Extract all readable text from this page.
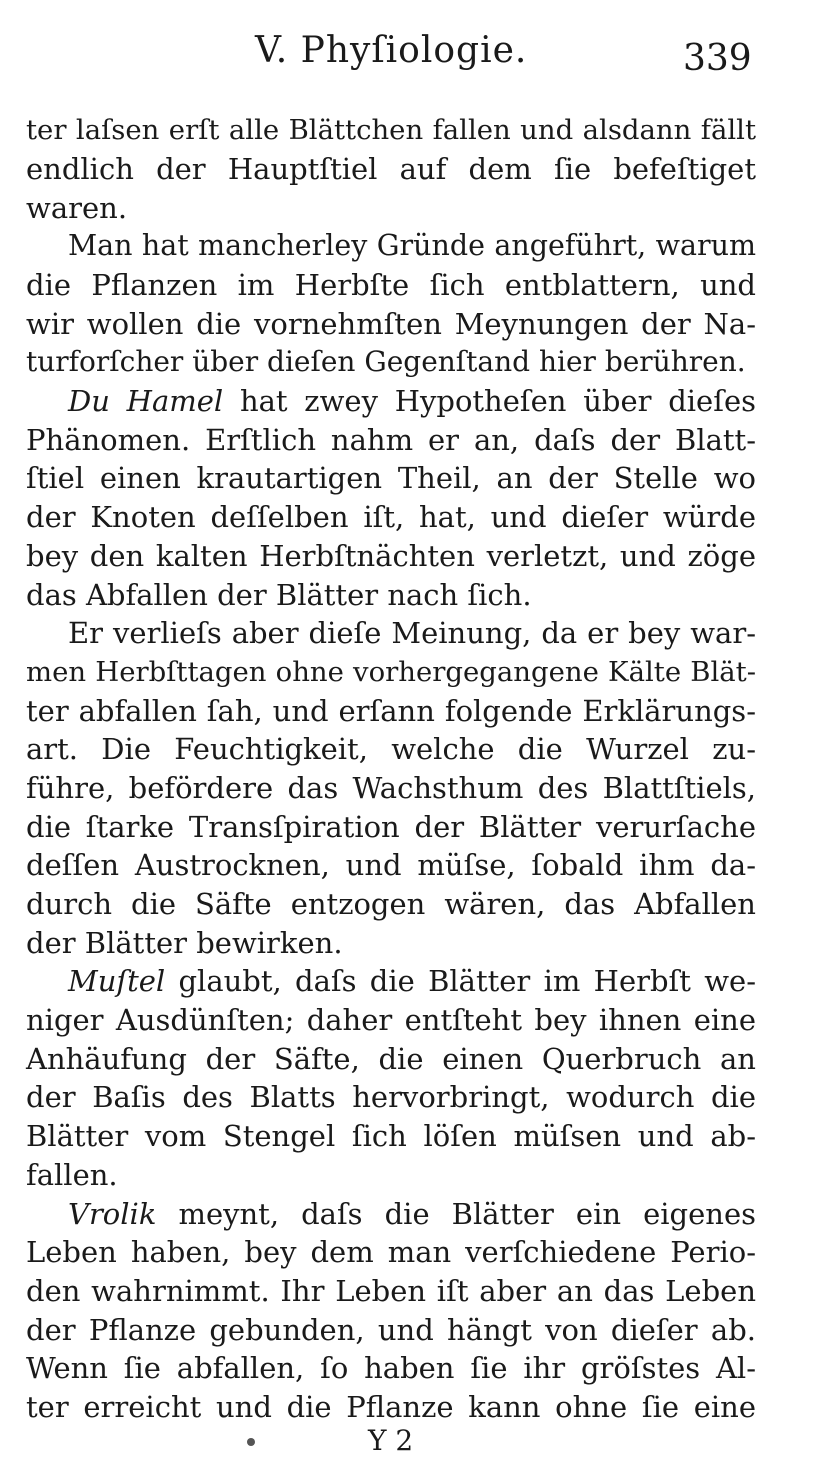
V. Phyſiologie.	339
ter laſsen erſt alle Blättchen fallen und alsdann fällt
endlich der Hauptſtiel auf dem ſie befeſtiget
waren.
Man hat mancherley Gründe angeführt, warum
die Pflanzen im Herbſte ſich entblattern, und
wir wollen die vornehmſten Meynungen der Na-
turforſcher über dieſen Gegenſtand hier berühren.
Du Hamel hat zwey Hypotheſen über dieſes
Phänomen. Erſtlich nahm er an, daſs der Blatt-
ſtiel einen krautartigen Theil, an der Stelle wo
der Knoten deſſelben iſt, hat, und dieſer würde
bey den kalten Herbſtnächten verletzt, und zöge
das Abfallen der Blätter nach ſich.
Er verlieſs aber dieſe Meinung, da er bey war-
men Herbſttagen ohne vorhergegangene Kälte Blät-
ter abfallen ſah, und erſann folgende Erklärungs-
art. Die Feuchtigkeit, welche die Wurzel zu-
führe, befördere das Wachsthum des Blattſtiels,
die ſtarke Transſpiration der Blätter verurſache
deſſen Austrocknen, und müſse, ſobald ihm da-
durch die Säfte entzogen wären, das Abfallen
der Blätter bewirken.
Muſtel glaubt, daſs die Blätter im Herbſt we-
niger Ausdünſten; daher entſteht bey ihnen eine
Anhäufung der Säfte, die einen Querbruch an
der Baſis des Blatts hervorbringt, wodurch die
Blätter vom Stengel ſich löſen müſsen und ab-
fallen.
Vrolik meynt, daſs die Blätter ein eigenes
Leben haben, bey dem man verſchiedene Perio-
den wahrnimmt. Ihr Leben iſt aber an das Leben
der Pflanze gebunden, und hängt von dieſer ab.
Wenn ſie abfallen, ſo haben ſie ihr gröſstes Al-
ter erreicht und die Pflanze kann ohne ſie eine
Y 2
